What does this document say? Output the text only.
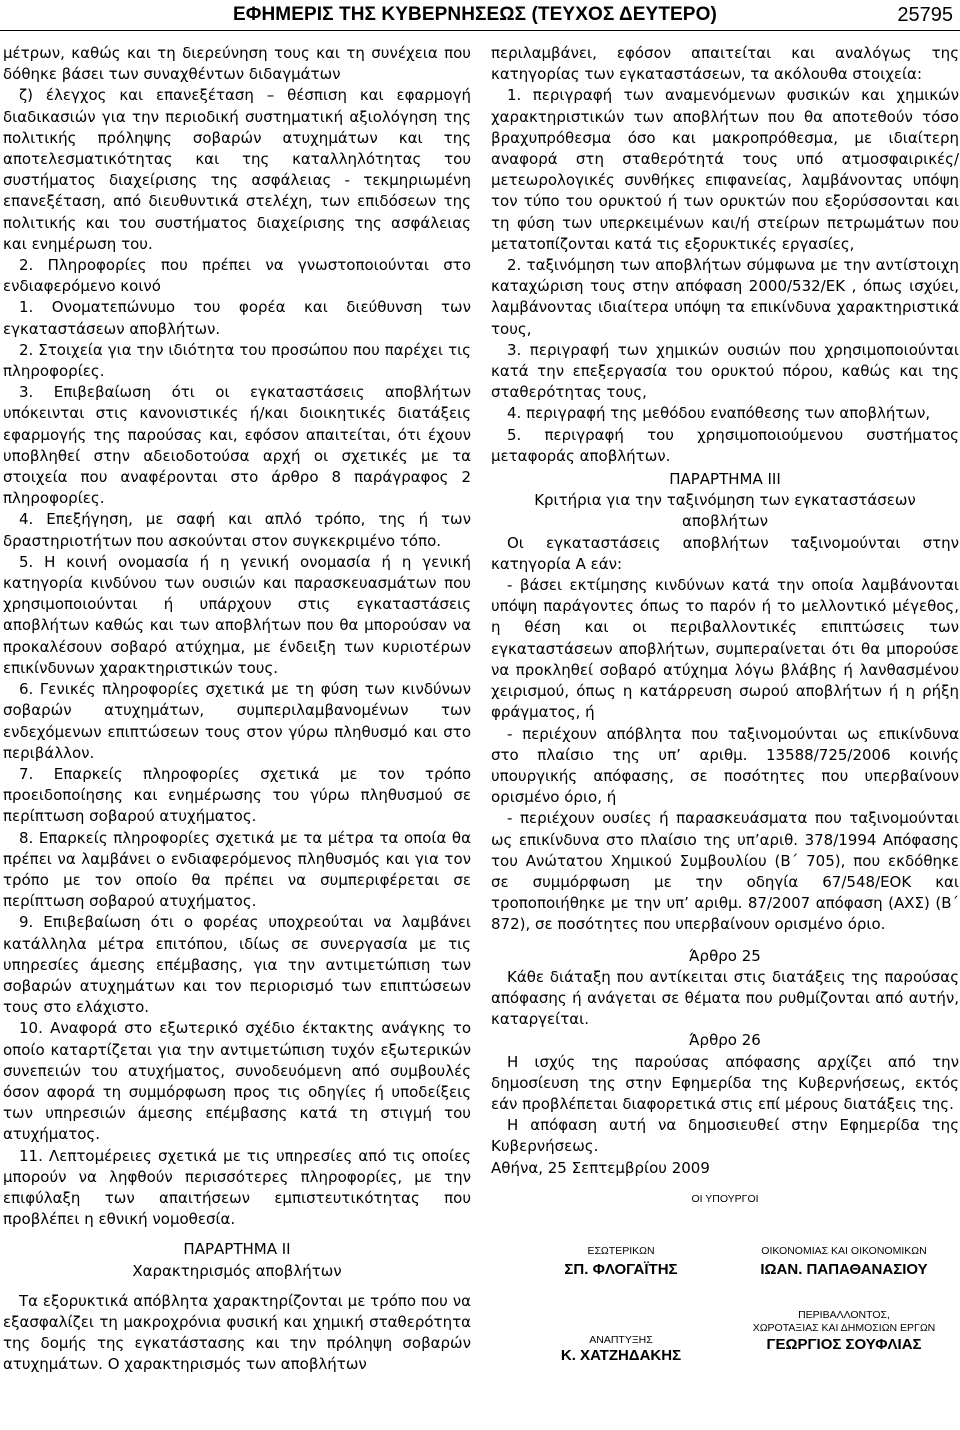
ΕΦΗΜΕΡΙΣ ΤΗΣ ΚΥΒΕΡΝΗΣΕΩΣ (ΤΕΥΧΟΣ ΔΕΥΤΕΡΟ)	25795

μέτρων, καθώς και τη διερεύνηση τους και τη συνέχεια που δόθηκε βάσει των συναχθέντων διδαγμάτων

ζ) έλεγχος και επανεξέταση – θέσπιση και εφαρμογή διαδικασιών για την περιοδική συστηματική αξιολόγηση της πολιτικής πρόληψης σοβαρών ατυχημάτων και της αποτελεσματικότητας και της καταλληλότητας του συστήματος διαχείρισης της ασφάλειας - τεκμηριωμένη επανεξέταση, από διευθυντικά στελέχη, των επιδόσεων της πολιτικής και του συστήματος διαχείρισης της ασφάλειας και ενημέρωση του.

2. Πληροφορίες που πρέπει να γνωστοποιούνται στο ενδιαφερόμενο κοινό

1. Ονοματεπώνυμο του φορέα και διεύθυνση των εγκαταστάσεων αποβλήτων.

2. Στοιχεία για την ιδιότητα του προσώπου που παρέχει τις πληροφορίες.

3. Επιβεβαίωση ότι οι εγκαταστάσεις αποβλήτων υπόκεινται στις κανονιστικές ή/και διοικητικές διατάξεις εφαρμογής της παρούσας και, εφόσον απαιτείται, ότι έχουν υποβληθεί στην αδειοδοτούσα αρχή οι σχετικές με τα στοιχεία που αναφέρονται στο άρθρο 8 παράγραφος 2 πληροφορίες.

4. Επεξήγηση, με σαφή και απλό τρόπο, της ή των δραστηριοτήτων που ασκούνται στον συγκεκριμένο τόπο.

5. Η κοινή ονομασία ή η γενική ονομασία ή η γενική κατηγορία κινδύνου των ουσιών και παρασκευασμάτων που χρησιμοποιούνται ή υπάρχουν στις εγκαταστάσεις αποβλήτων καθώς και των αποβλήτων που θα μπορούσαν να προκαλέσουν σοβαρό ατύχημα, με ένδειξη των κυριοτέρων επικίνδυνων χαρακτηριστικών τους.

6. Γενικές πληροφορίες σχετικά με τη φύση των κινδύνων σοβαρών ατυχημάτων, συμπεριλαμβανομένων των ενδεχόμενων επιπτώσεων τους στον γύρω πληθυσμό και στο περιβάλλον.

7. Επαρκείς πληροφορίες σχετικά με τον τρόπο προειδοποίησης και ενημέρωσης του γύρω πληθυσμού σε περίπτωση σοβαρού ατυχήματος.

8. Επαρκείς πληροφορίες σχετικά με τα μέτρα τα οποία θα πρέπει να λαμβάνει ο ενδιαφερόμενος πληθυσμός και για τον τρόπο με τον οποίο θα πρέπει να συμπεριφέρεται σε περίπτωση σοβαρού ατυχήματος.

9. Επιβεβαίωση ότι ο φορέας υποχρεούται να λαμβάνει κατάλληλα μέτρα επιτόπου, ιδίως σε συνεργασία με τις υπηρεσίες άμεσης επέμβασης, για την αντιμετώπιση των σοβαρών ατυχημάτων και τον περιορισμό των επιπτώσεων τους στο ελάχιστο.

10. Αναφορά στο εξωτερικό σχέδιο έκτακτης ανάγκης το οποίο καταρτίζεται για την αντιμετώπιση τυχόν εξωτερικών συνεπειών του ατυχήματος, συνοδευόμενη από συμβουλές όσον αφορά τη συμμόρφωση προς τις οδηγίες ή υποδείξεις των υπηρεσιών άμεσης επέμβασης κατά τη στιγμή του ατυχήματος.

11. Λεπτομέρειες σχετικά με τις υπηρεσίες από τις οποίες μπορούν να ληφθούν περισσότερες πληροφορίες, με την επιφύλαξη των απαιτήσεων εμπιστευτικότητας που προβλέπει η εθνική νομοθεσία.

ΠΑΡΑΡΤΗΜΑ ΙΙ

Χαρακτηρισμός αποβλήτων

Τα εξορυκτικά απόβλητα χαρακτηρίζονται με τρόπο που να εξασφαλίζει τη μακροχρόνια φυσική και χημική σταθερότητα της δομής της εγκατάστασης και την πρόληψη σοβαρών ατυχημάτων. Ο χαρακτηρισμός των αποβλήτων

περιλαμβάνει, εφόσον απαιτείται και αναλόγως της κατηγορίας των εγκαταστάσεων, τα ακόλουθα στοιχεία:

1. περιγραφή των αναμενόμενων φυσικών και χημικών χαρακτηριστικών των αποβλήτων που θα αποτεθούν τόσο βραχυπρόθεσμα όσο και μακροπρόθεσμα, με ιδιαίτερη αναφορά στη σταθερότητά τους υπό ατμοσφαιρικές/μετεωρολογικές συνθήκες επιφανείας, λαμβάνοντας υπόψη τον τύπο του ορυκτού ή των ορυκτών που εξορύσσονται και τη φύση των υπερκειμένων και/ή στείρων πετρωμάτων που μετατοπίζονται κατά τις εξορυκτικές εργασίες,

2. ταξινόμηση των αποβλήτων σύμφωνα με την αντίστοιχη καταχώριση τους στην απόφαση 2000/532/ΕΚ , όπως ισχύει, λαμβάνοντας ιδιαίτερα υπόψη τα επικίνδυνα χαρακτηριστικά τους,

3. περιγραφή των χημικών ουσιών που χρησιμοποιούνται κατά την επεξεργασία του ορυκτού πόρου, καθώς και της σταθερότητας τους,

4. περιγραφή της μεθόδου εναπόθεσης των αποβλήτων,

5. περιγραφή του χρησιμοποιούμενου συστήματος μεταφοράς αποβλήτων.

ΠΑΡΑΡΤΗΜΑ ΙΙΙ

Κριτήρια για την ταξινόμηση των εγκαταστάσεων αποβλήτων

Οι εγκαταστάσεις αποβλήτων ταξινομούνται στην κατηγορία Α εάν:

- βάσει εκτίμησης κινδύνων κατά την οποία λαμβάνονται υπόψη παράγοντες όπως το παρόν ή το μελλοντικό μέγεθος, η θέση και οι περιβαλλοντικές επιπτώσεις των εγκαταστάσεων αποβλήτων, συμπεραίνεται ότι θα μπορούσε να προκληθεί σοβαρό ατύχημα λόγω βλάβης ή λανθασμένου χειρισμού, όπως η κατάρρευση σωρού αποβλήτων ή η ρήξη φράγματος, ή

- περιέχουν απόβλητα που ταξινομούνται ως επικίνδυνα στο πλαίσιο της υπ’ αριθμ. 13588/725/2006 κοινής υπουργικής απόφασης, σε ποσότητες που υπερβαίνουν ορισμένο όριο, ή

- περιέχουν ουσίες ή παρασκευάσματα που ταξινομούνται ως επικίνδυνα στο πλαίσιο της υπ’αριθ. 378/1994 Απόφασης του Ανώτατου Χημικού Συμβουλίου (Β΄ 705), που εκδόθηκε σε συμμόρφωση με την οδηγία 67/548/ΕΟΚ και τροποποιήθηκε με την υπ’ αριθμ. 87/2007 απόφαση (ΑΧΣ) (Β΄ 872), σε ποσότητες που υπερβαίνουν ορισμένο όριο.

Άρθρο 25

Κάθε διάταξη που αντίκειται στις διατάξεις της παρούσας απόφασης ή ανάγεται σε θέματα που ρυθμίζονται από αυτήν, καταργείται.

Άρθρο 26

Η ισχύς της παρούσας απόφασης αρχίζει από την δημοσίευση της στην Εφημερίδα της Κυβερνήσεως, εκτός εάν προβλέπεται διαφορετικά στις επί μέρους διατάξεις της.

Η απόφαση αυτή να δημοσιευθεί στην Εφημερίδα της Κυβερνήσεως.

Αθήνα, 25 Σεπτεμβρίου 2009

ΟΙ ΥΠΟΥΡΓΟΙ
ΕΣΩΤΕΡΙΚΩΝ
ΣΠ. ΦΛΟΓΑΪΤΗΣ
ΟΙΚΟΝΟΜΙΑΣ ΚΑΙ ΟΙΚΟΝΟΜΙΚΩΝ
ΙΩΑΝ. ΠΑΠΑΘΑΝΑΣΙΟΥ
ΑΝΑΠΤΥΞΗΣ
Κ. ΧΑΤΖΗΔΑΚΗΣ
ΠΕΡΙΒΑΛΛΟΝΤΟΣ,
ΧΩΡΟΤΑΞΙΑΣ ΚΑΙ ΔΗΜΟΣΙΩΝ ΕΡΓΩΝ
ΓΕΩΡΓΙΟΣ ΣΟΥΦΛΙΑΣ
